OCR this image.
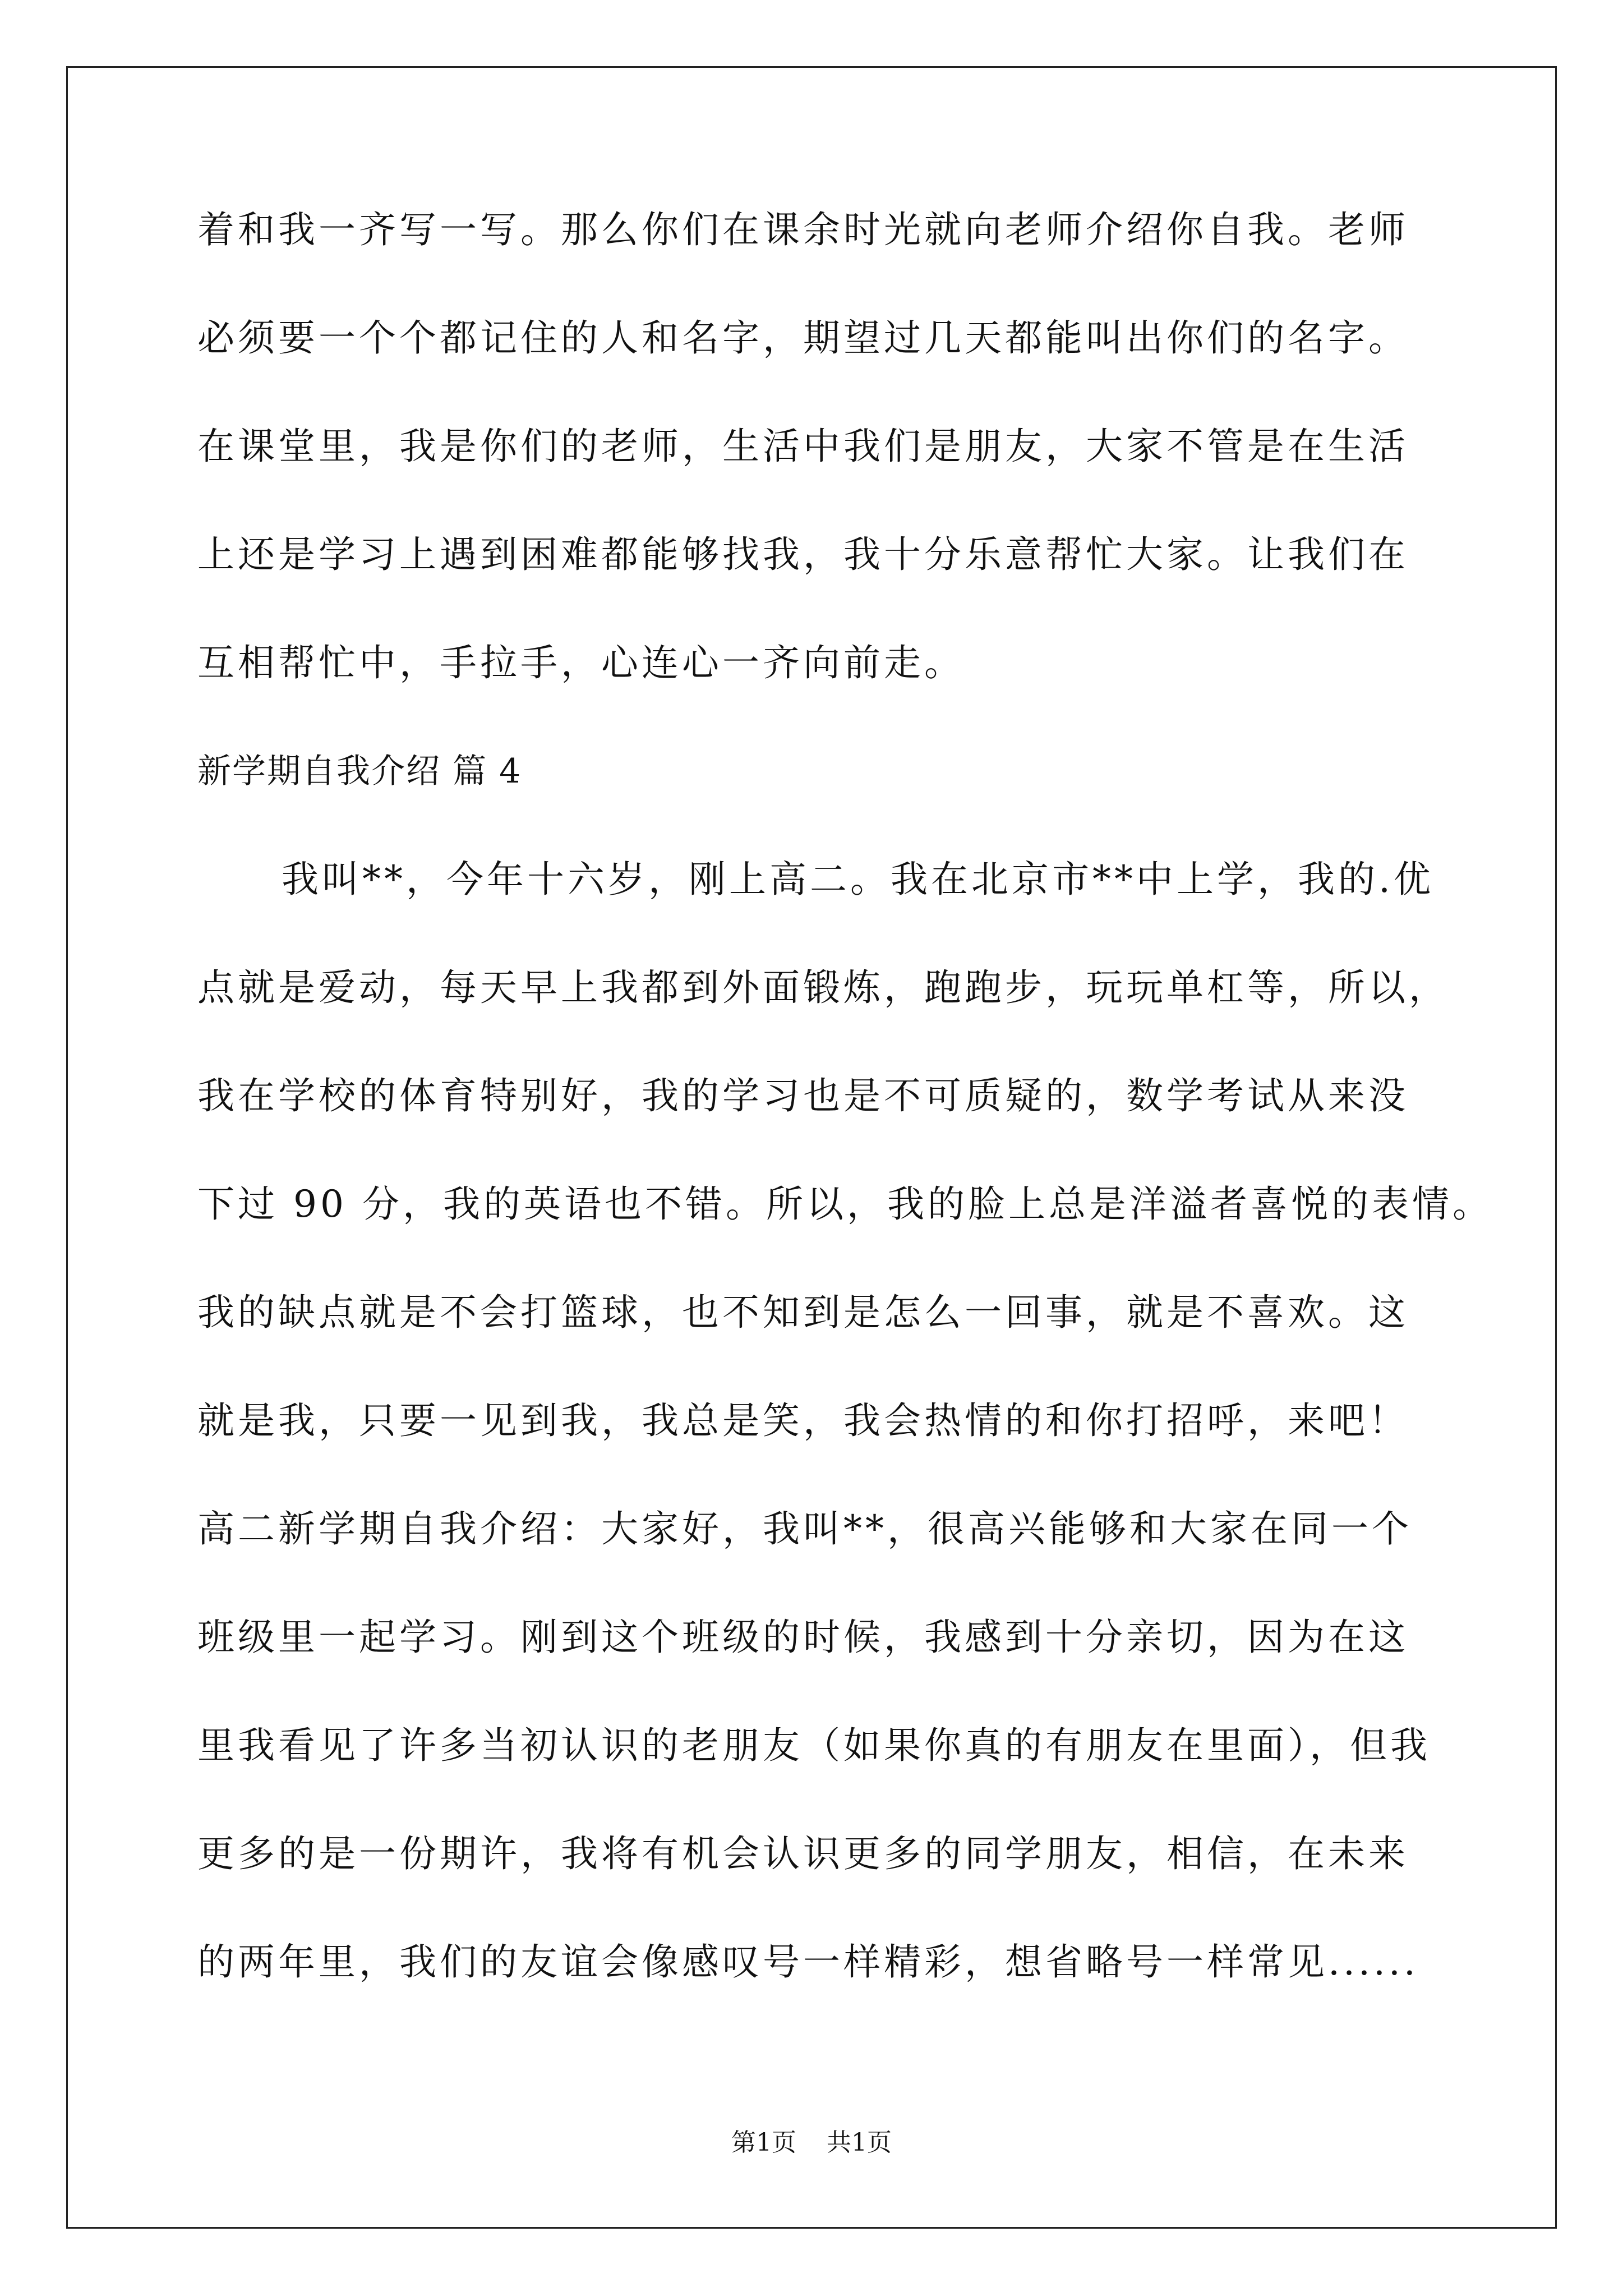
着和我一齐写一写。那么你们在课余时光就向老师介绍你自我。老师
必须要一个个都记住的人和名字，期望过几天都能叫出你们的名字。
在课堂里，我是你们的老师，生活中我们是朋友，大家不管是在生活
上还是学习上遇到困难都能够找我，我十分乐意帮忙大家。让我们在
互相帮忙中，手拉手，心连心一齐向前走。
新学期自我介绍 篇 4
我叫**，今年十六岁，刚上高二。我在北京市**中上学，我的.优
点就是爱动，每天早上我都到外面锻炼，跑跑步，玩玩单杠等，所以，
我在学校的体育特别好，我的学习也是不可质疑的，数学考试从来没
下过 90 分，我的英语也不错。所以，我的脸上总是洋溢者喜悦的表情。
我的缺点就是不会打篮球，也不知到是怎么一回事，就是不喜欢。这
就是我，只要一见到我，我总是笑，我会热情的和你打招呼，来吧！
高二新学期自我介绍：大家好，我叫**，很高兴能够和大家在同一个
班级里一起学习。刚到这个班级的时候，我感到十分亲切，因为在这
里我看见了许多当初认识的老朋友（如果你真的有朋友在里面），但我
更多的是一份期许，我将有机会认识更多的同学朋友，相信，在未来
的两年里，我们的友谊会像感叹号一样精彩，想省略号一样常见......
第1页 共1页
